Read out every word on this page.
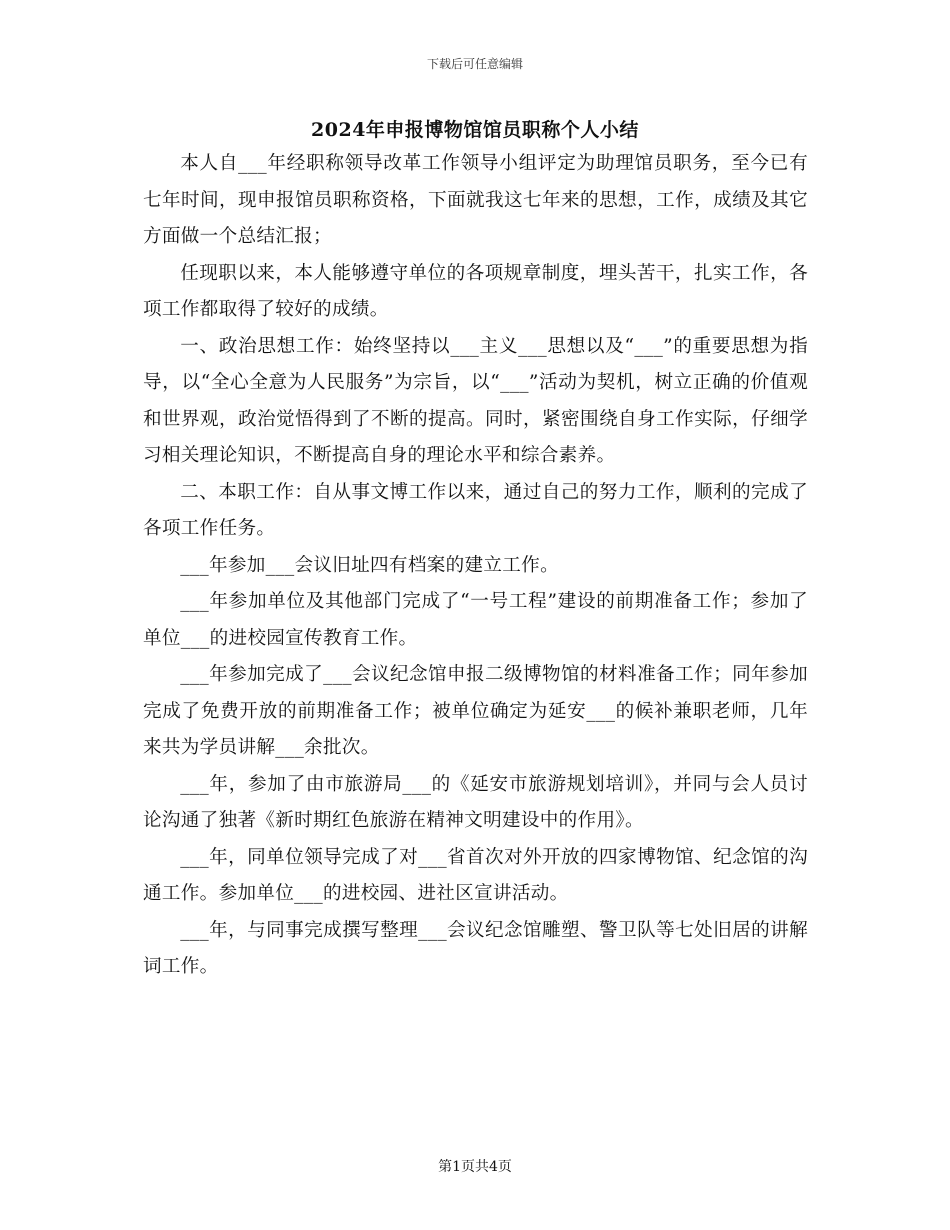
下载后可任意编辑
2024年申报博物馆馆员职称个人小结

本人自___年经职称领导改革工作领导小组评定为助理馆员职务，至今已有七年时间，现申报馆员职称资格，下面就我这七年来的思想，工作，成绩及其它方面做一个总结汇报；

任现职以来，本人能够遵守单位的各项规章制度，埋头苦干，扎实工作，各项工作都取得了较好的成绩。

一、政治思想工作：始终坚持以___主义___思想以及“___”的重要思想为指导，以“全心全意为人民服务”为宗旨，以“___”活动为契机，树立正确的价值观和世界观，政治觉悟得到了不断的提高。同时，紧密围绕自身工作实际，仔细学习相关理论知识，不断提高自身的理论水平和综合素养。

二、本职工作：自从事文博工作以来，通过自己的努力工作，顺利的完成了各项工作任务。

___年参加___会议旧址四有档案的建立工作。

___年参加单位及其他部门完成了“一号工程”建设的前期准备工作；参加了单位___的进校园宣传教育工作。

___年参加完成了___会议纪念馆申报二级博物馆的材料准备工作；同年参加完成了免费开放的前期准备工作；被单位确定为延安___的候补兼职老师，几年来共为学员讲解___余批次。

___年，参加了由市旅游局___的《延安市旅游规划培训》，并同与会人员讨论沟通了独著《新时期红色旅游在精神文明建设中的作用》。

___年，同单位领导完成了对___省首次对外开放的四家博物馆、纪念馆的沟通工作。参加单位___的进校园、进社区宣讲活动。

___年，与同事完成撰写整理___会议纪念馆雕塑、警卫队等七处旧居的讲解词工作。

第1页共4页
